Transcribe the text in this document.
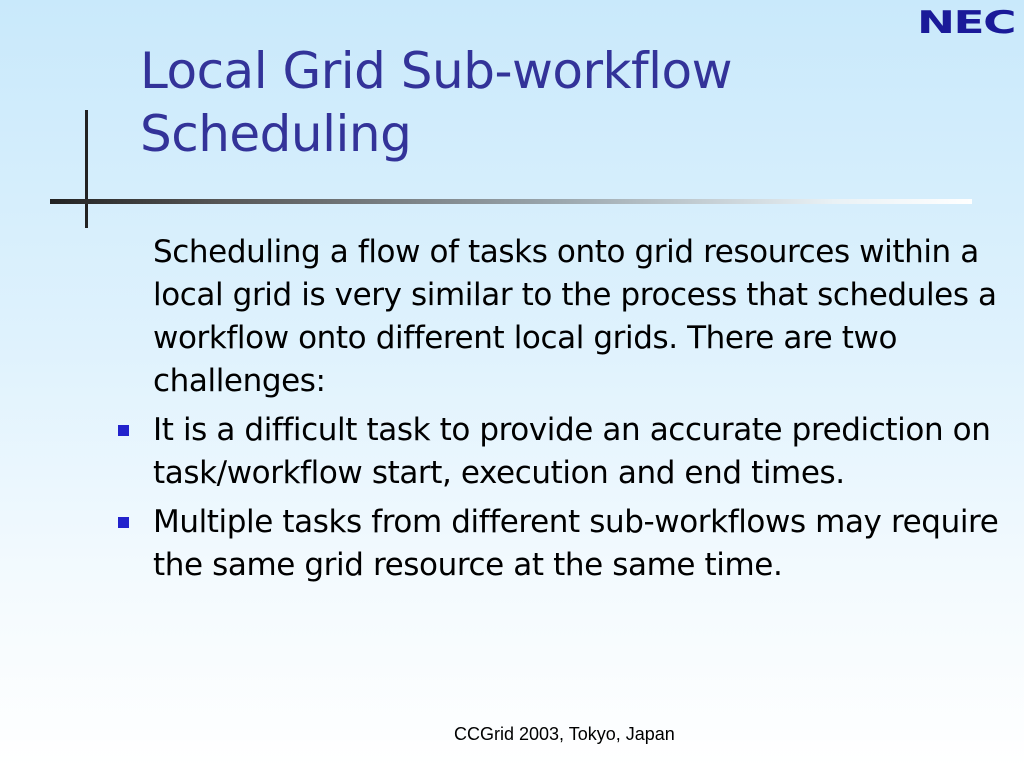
NEC
Local Grid Sub-workflow Scheduling

Scheduling a flow of tasks onto grid resources within a local grid is very similar to the process that schedules a workflow onto different local grids. There are two challenges:

It is a difficult task to provide an accurate prediction on task/workflow start, execution and end times.
Multiple tasks from different sub-workflows may require the same grid resource at the same time.
CCGrid 2003, Tokyo, Japan
